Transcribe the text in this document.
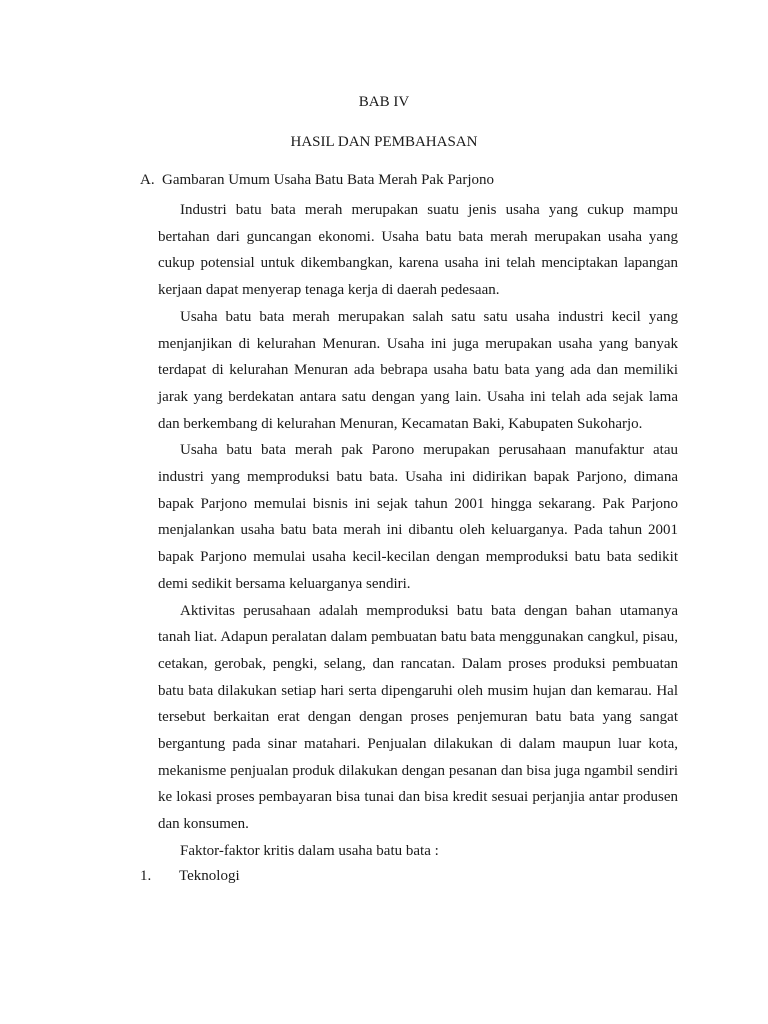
BAB IV
HASIL DAN PEMBAHASAN
A. Gambaran Umum Usaha Batu Bata Merah Pak Parjono

Industri batu bata merah merupakan suatu jenis usaha yang cukup mampu bertahan dari guncangan ekonomi. Usaha batu bata merah merupakan usaha yang cukup potensial untuk dikembangkan, karena usaha ini telah menciptakan lapangan kerjaan dapat menyerap tenaga kerja di daerah pedesaan.

Usaha batu bata merah merupakan salah satu satu usaha industri kecil yang menjanjikan di kelurahan Menuran. Usaha ini juga merupakan usaha yang banyak terdapat di kelurahan Menuran ada bebrapa usaha batu bata yang ada dan memiliki jarak yang berdekatan antara satu dengan yang lain. Usaha ini telah ada sejak lama dan berkembang di kelurahan Menuran, Kecamatan Baki, Kabupaten Sukoharjo.

Usaha batu bata merah pak Parono merupakan perusahaan manufaktur atau industri yang memproduksi batu bata. Usaha ini didirikan bapak Parjono, dimana bapak Parjono memulai bisnis ini sejak tahun 2001 hingga sekarang. Pak Parjono menjalankan usaha batu bata merah ini dibantu oleh keluarganya. Pada tahun 2001 bapak Parjono memulai usaha kecil-kecilan dengan memproduksi batu bata sedikit demi sedikit bersama keluarganya sendiri.

Aktivitas perusahaan adalah memproduksi batu bata dengan bahan utamanya tanah liat. Adapun peralatan dalam pembuatan batu bata menggunakan cangkul, pisau, cetakan, gerobak, pengki, selang, dan rancatan. Dalam proses produksi pembuatan batu bata dilakukan setiap hari serta dipengaruhi oleh musim hujan dan kemarau. Hal tersebut berkaitan erat dengan dengan proses penjemuran batu bata yang sangat bergantung pada sinar matahari. Penjualan dilakukan di dalam maupun luar kota, mekanisme penjualan produk dilakukan dengan pesanan dan bisa juga ngambil sendiri ke lokasi proses pembayaran bisa tunai dan bisa kredit sesuai perjanjia antar produsen dan konsumen.

Faktor-faktor kritis dalam usaha batu bata :

1. Teknologi
